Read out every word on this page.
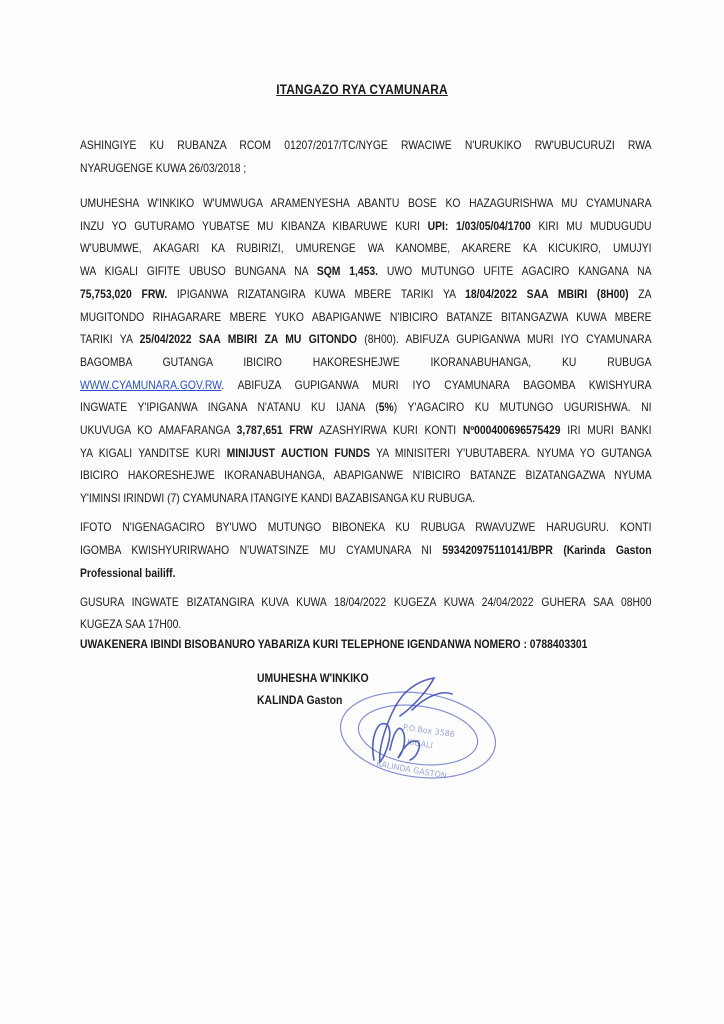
ITANGAZO RYA CYAMUNARA
ASHINGIYE KU RUBANZA RCOM 01207/2017/TC/NYGE RWACIWE N'URUKIKO RW'UBUCURUZI RWA
NYARUGENGE KUWA 26/03/2018 ;
UMUHESHA W'INKIKO W'UMWUGA ARAMENYESHA ABANTU BOSE KO HAZAGURISHWA MU CYAMUNARA
INZU YO GUTURAMO YUBATSE MU KIBANZA KIBARUWE KURI UPI: 1/03/05/04/1700 KIRI MU MUDUGUDU
W'UBUMWE, AKAGARI KA RUBIRIZI, UMURENGE WA KANOMBE, AKARERE KA KICUKIRO, UMUJYI
WA KIGALI GIFITE UBUSO BUNGANA NA SQM 1,453. UWO MUTUNGO UFITE AGACIRO KANGANA NA
75,753,020 FRW. IPIGANWA RIZATANGIRA KUWA MBERE TARIKI YA 18/04/2022 SAA MBIRI (8H00) ZA
MUGITONDO RIHAGARARE MBERE YUKO ABAPIGANWE N'IBICIRO BATANZE BITANGAZWA KUWA MBERE
TARIKI YA 25/04/2022 SAA MBIRI ZA MU GITONDO (8H00). ABIFUZA GUPIGANWA MURI IYO CYAMUNARA
BAGOMBA GUTANGA IBICIRO HAKORESHEJWE IKORANABUHANGA, KU RUBUGA
WWW.CYAMUNARA.GOV.RW. ABIFUZA GUPIGANWA MURI IYO CYAMUNARA BAGOMBA KWISHYURA
INGWATE Y'IPIGANWA INGANA N'ATANU KU IJANA (5%) Y'AGACIRO KU MUTUNGO UGURISHWA. NI
UKUVUGA KO AMAFARANGA 3,787,651 FRW AZASHYIRWA KURI KONTI Nº000400696575429 IRI MURI BANKI
YA KIGALI YANDITSE KURI MINIJUST AUCTION FUNDS YA MINISITERI Y'UBUTABERA. NYUMA YO GUTANGA
IBICIRO HAKORESHEJWE IKORANABUHANGA, ABAPIGANWE N'IBICIRO BATANZE BIZATANGAZWA NYUMA
Y'IMINSI IRINDWI (7) CYAMUNARA ITANGIYE KANDI BAZABISANGA KU RUBUGA.
IFOTO N'IGENAGACIRO BY'UWO MUTUNGO BIBONEKA KU RUBUGA RWAVUZWE HARUGURU. KONTI
IGOMBA KWISHYURIRWAHO N'UWATSINZE MU CYAMUNARA NI 593420975110141/BPR (Karinda Gaston
Professional bailiff.
GUSURA INGWATE BIZATANGIRA KUVA KUWA 18/04/2022 KUGEZA KUWA 24/04/2022 GUHERA SAA 08H00
KUGEZA SAA 17H00.
UWAKENERA IBINDI BISOBANURO YABARIZA KURI TELEPHONE IGENDANWA NOMERO : 0788403301
UMUHESHA W'INKIKO
KALINDA Gaston
P.O.Box 3586
KIGALI
KALINDA GASTON
